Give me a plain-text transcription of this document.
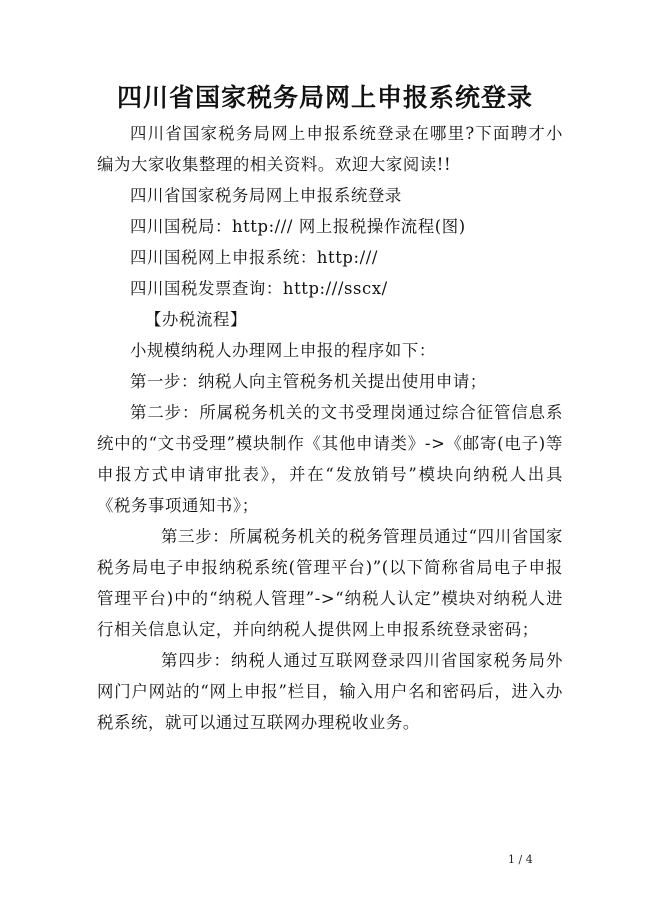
四川省国家税务局网上申报系统登录

四川省国家税务局网上申报系统登录在哪里?下面聘才小编为大家收集整理的相关资料。欢迎大家阅读!!

四川省国家税务局网上申报系统登录

四川国税局：http:/// 网上报税操作流程(图)

四川国税网上申报系统：http:///

四川国税发票查询：http:///sscx/

【办税流程】

小规模纳税人办理网上申报的程序如下：

第一步：纳税人向主管税务机关提出使用申请；

第二步：所属税务机关的文书受理岗通过综合征管信息系统中的“文书受理”模块制作《其他申请类》->《邮寄(电子)等申报方式申请审批表》，并在“发放销号”模块向纳税人出具《税务事项通知书》；

第三步：所属税务机关的税务管理员通过“四川省国家税务局电子申报纳税系统(管理平台)”(以下简称省局电子申报管理平台)中的“纳税人管理”->“纳税人认定”模块对纳税人进行相关信息认定，并向纳税人提供网上申报系统登录密码；

第四步：纳税人通过互联网登录四川省国家税务局外网门户网站的“网上申报”栏目，输入用户名和密码后，进入办税系统，就可以通过互联网办理税收业务。

1 / 4
